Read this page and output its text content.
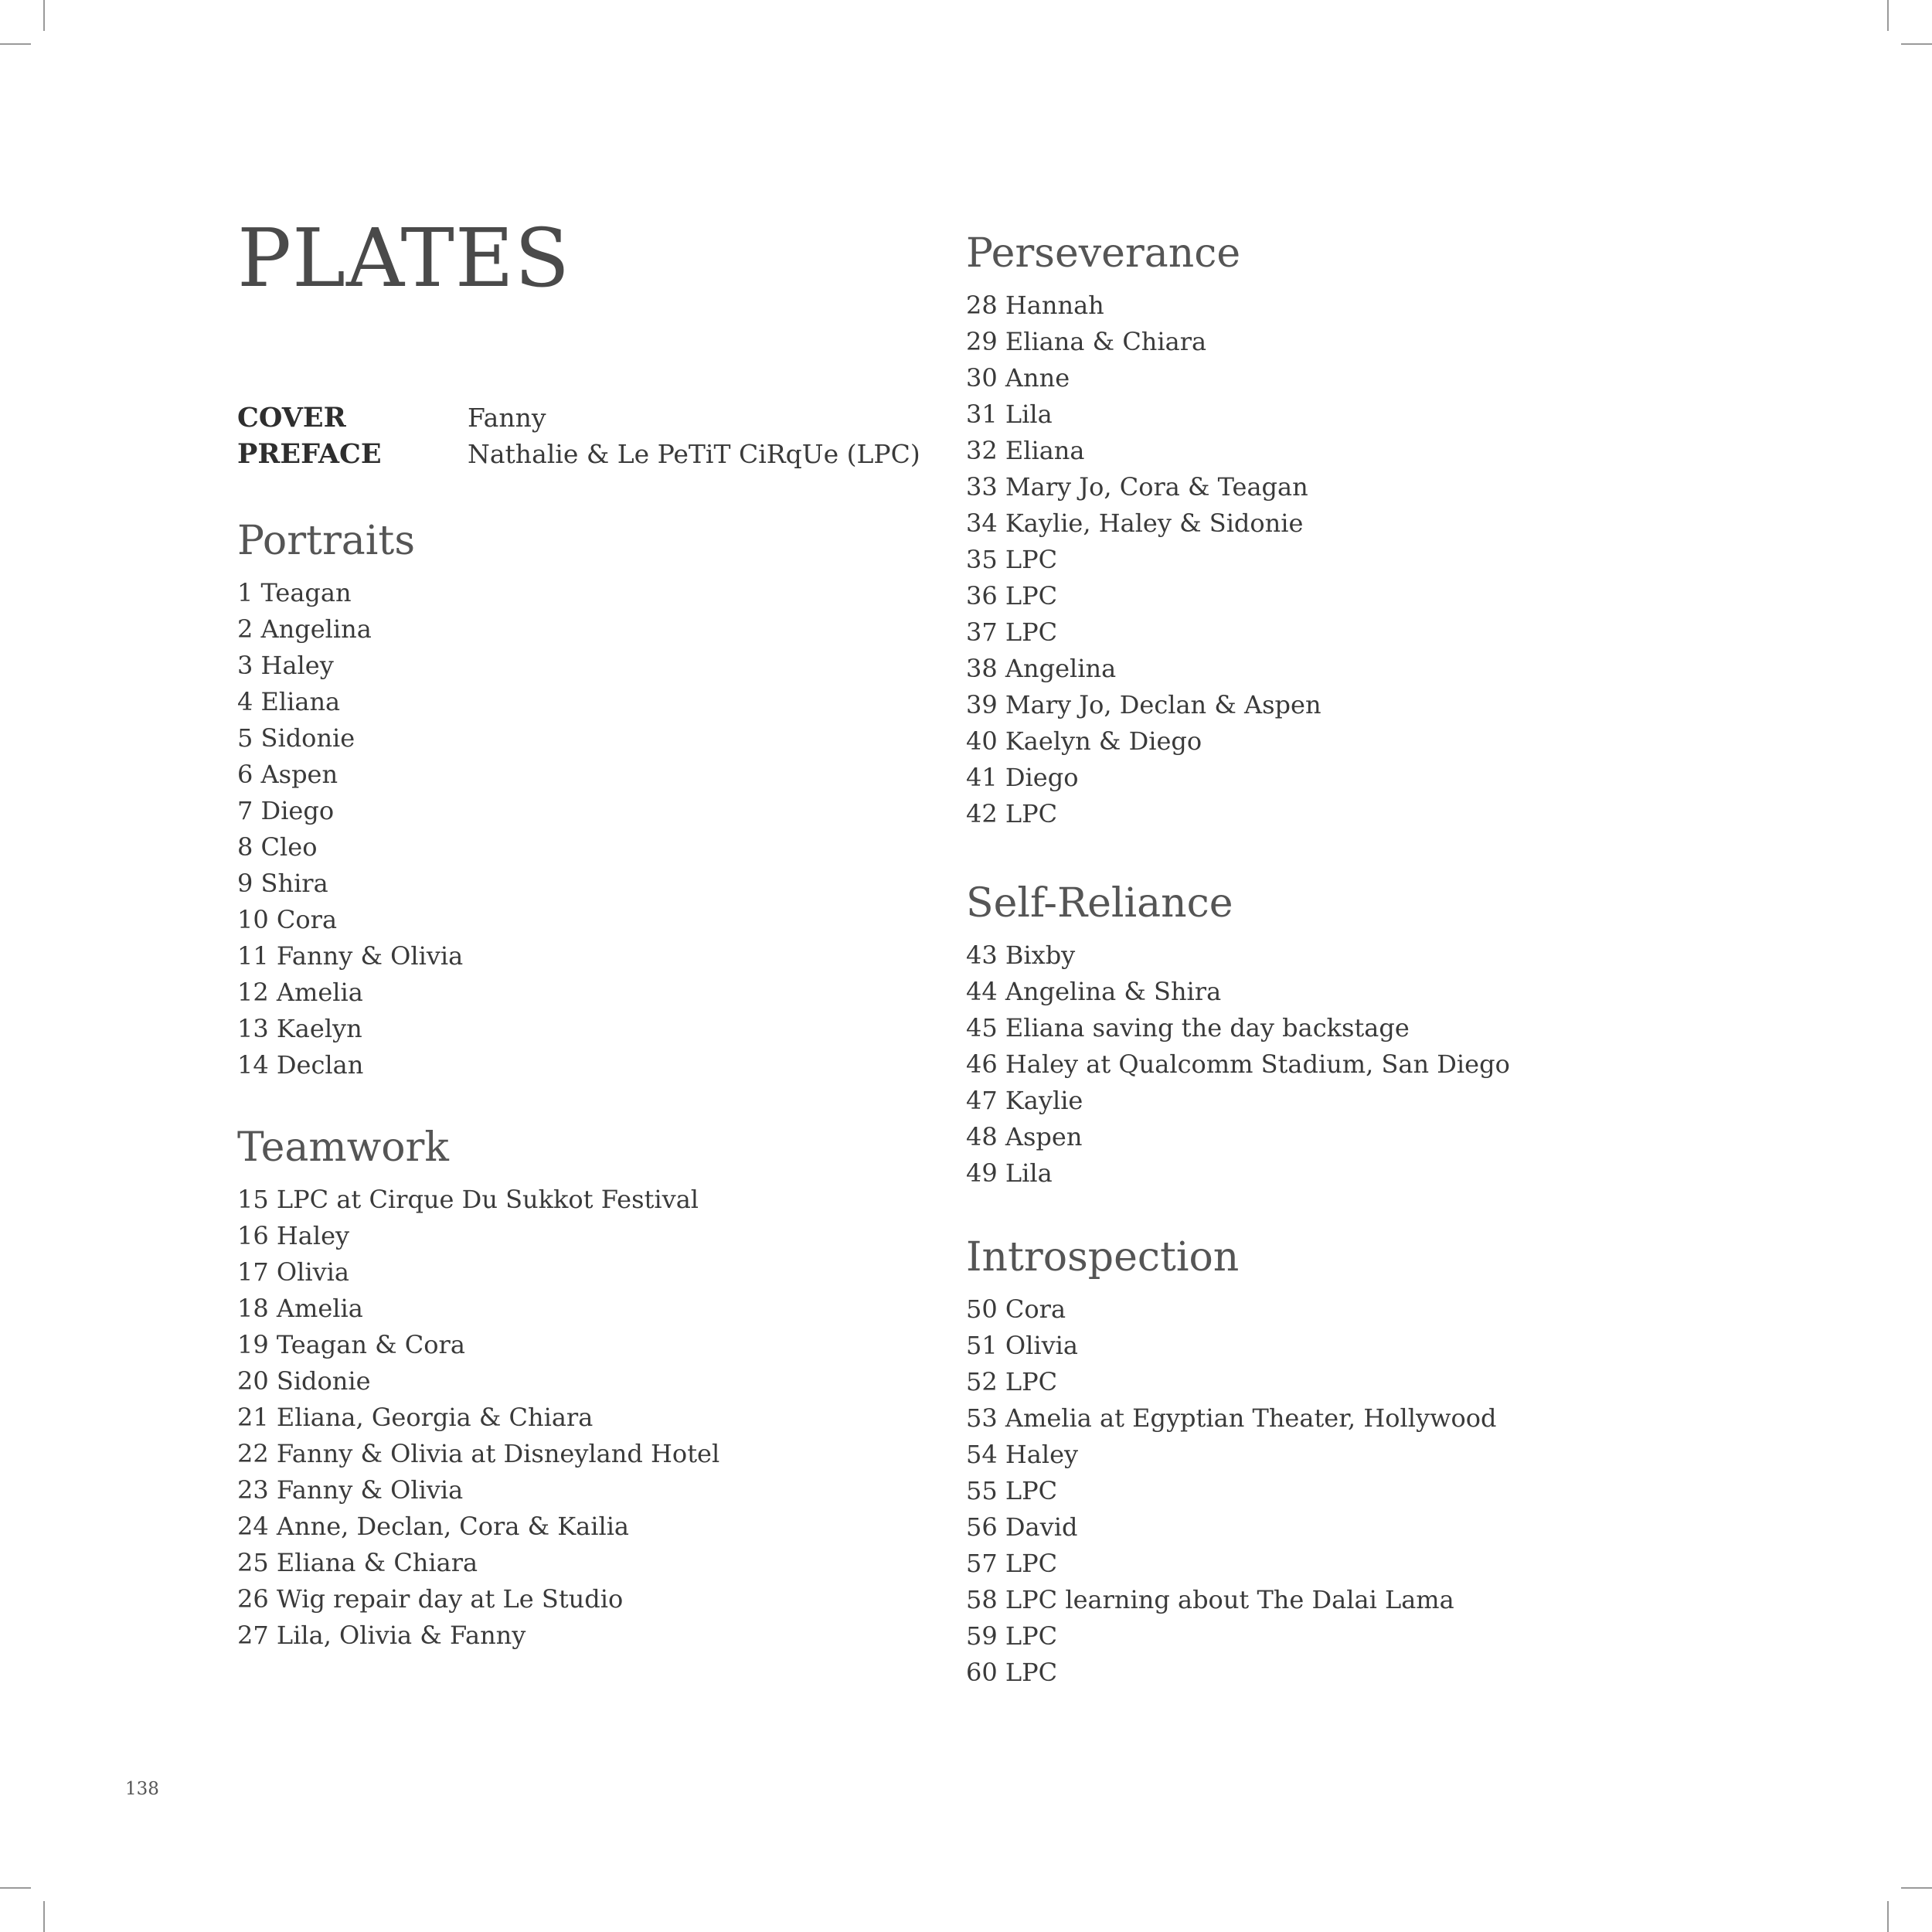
PLATES
COVER	Fanny
PREFACE	Nathalie & Le PeTiT CiRqUe (LPC)
Portraits
1 Teagan
2 Angelina
3 Haley
4 Eliana
5 Sidonie
6 Aspen
7 Diego
8 Cleo
9 Shira
10 Cora
11 Fanny & Olivia
12 Amelia
13 Kaelyn
14 Declan
Teamwork
15 LPC at Cirque Du Sukkot Festival
16 Haley
17 Olivia
18 Amelia
19 Teagan & Cora
20 Sidonie
21 Eliana, Georgia & Chiara
22 Fanny & Olivia at Disneyland Hotel
23 Fanny & Olivia
24 Anne, Declan, Cora & Kailia
25 Eliana & Chiara
26 Wig repair day at Le Studio
27 Lila, Olivia & Fanny
Perseverance
28 Hannah
29 Eliana & Chiara
30 Anne
31 Lila
32 Eliana
33 Mary Jo, Cora & Teagan
34 Kaylie, Haley & Sidonie
35 LPC
36 LPC
37 LPC
38 Angelina
39 Mary Jo, Declan & Aspen
40 Kaelyn & Diego
41 Diego
42 LPC
Self-Reliance
43 Bixby
44 Angelina & Shira
45 Eliana saving the day backstage
46 Haley at Qualcomm Stadium, San Diego
47 Kaylie
48 Aspen
49 Lila
Introspection
50 Cora
51 Olivia
52 LPC
53 Amelia at Egyptian Theater, Hollywood
54 Haley
55 LPC
56 David
57 LPC
58 LPC learning about The Dalai Lama
59 LPC
60 LPC
138
